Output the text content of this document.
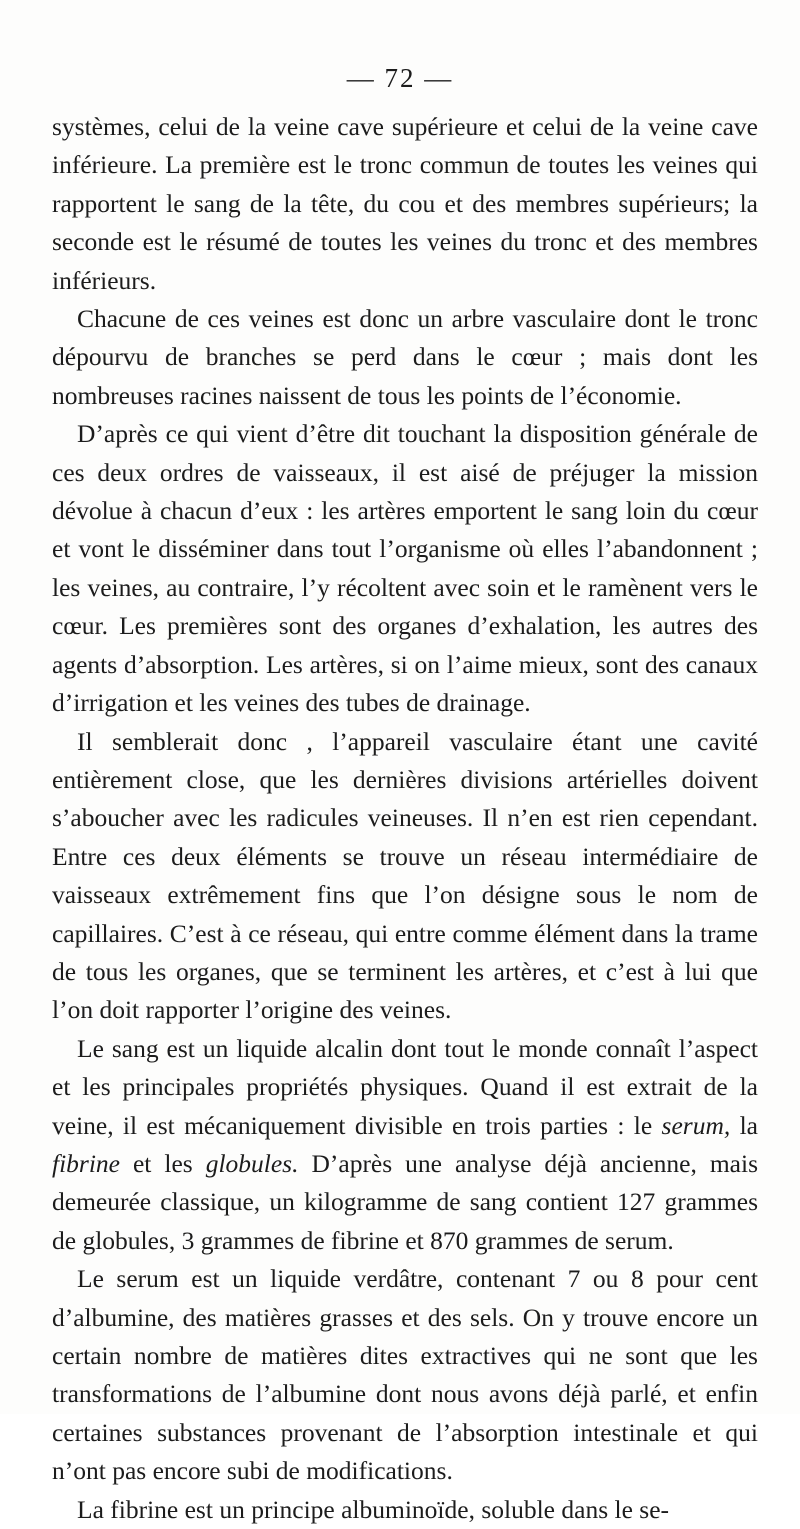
— 72 —

systèmes, celui de la veine cave supérieure et celui de la veine cave inférieure. La première est le tronc commun de toutes les veines qui rapportent le sang de la tête, du cou et des membres supérieurs; la seconde est le résumé de toutes les veines du tronc et des membres inférieurs.

Chacune de ces veines est donc un arbre vasculaire dont le tronc dépourvu de branches se perd dans le cœur ; mais dont les nombreuses racines naissent de tous les points de l’économie.

D’après ce qui vient d’être dit touchant la disposition générale de ces deux ordres de vaisseaux, il est aisé de préjuger la mission dévolue à chacun d’eux : les artères emportent le sang loin du cœur et vont le disséminer dans tout l’organisme où elles l’abandonnent ; les veines, au contraire, l’y récoltent avec soin et le ramènent vers le cœur. Les premières sont des organes d’exhalation, les autres des agents d’absorption. Les artères, si on l’aime mieux, sont des canaux d’irrigation et les veines des tubes de drainage.

Il semblerait donc , l’appareil vasculaire étant une cavité entièrement close, que les dernières divisions artérielles doivent s’aboucher avec les radicules veineuses. Il n’en est rien cependant. Entre ces deux éléments se trouve un réseau intermédiaire de vaisseaux extrêmement fins que l’on désigne sous le nom de capillaires. C’est à ce réseau, qui entre comme élément dans la trame de tous les organes, que se terminent les artères, et c’est à lui que l’on doit rapporter l’origine des veines.

Le sang est un liquide alcalin dont tout le monde connaît l’aspect et les principales propriétés physiques. Quand il est extrait de la veine, il est mécaniquement divisible en trois parties : le serum, la fibrine et les globules. D’après une analyse déjà ancienne, mais demeurée classique, un kilogramme de sang contient 127 grammes de globules, 3 grammes de fibrine et 870 grammes de serum.

Le serum est un liquide verdâtre, contenant 7 ou 8 pour cent d’albumine, des matières grasses et des sels. On y trouve encore un certain nombre de matières dites extractives qui ne sont que les transformations de l’albumine dont nous avons déjà parlé, et enfin certaines substances provenant de l’absorption intestinale et qui n’ont pas encore subi de modifications.

La fibrine est un principe albuminoïde, soluble dans le se-
